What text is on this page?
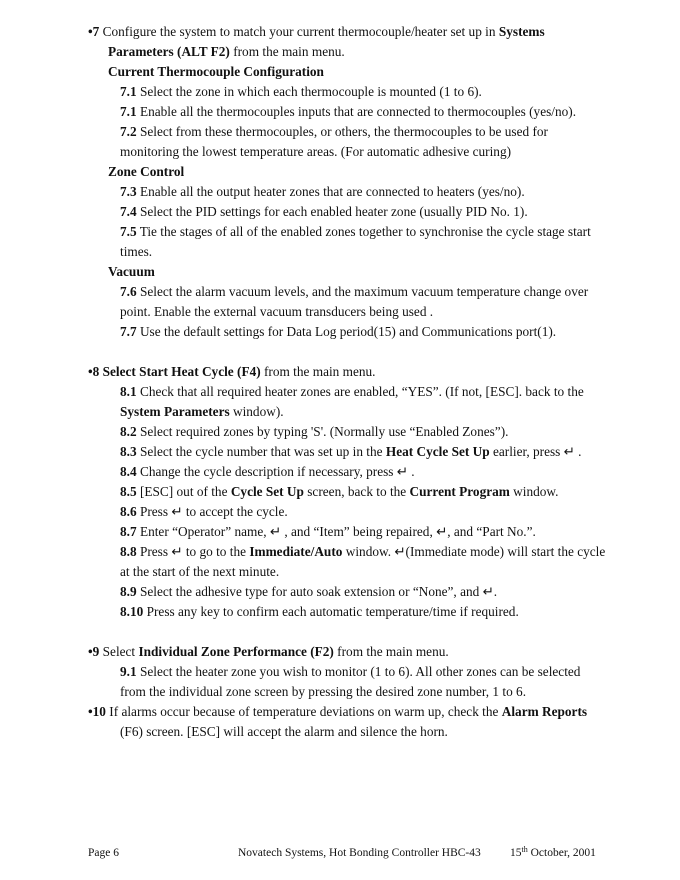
•7 Configure the system to match your current thermocouple/heater set up in Systems
Parameters (ALT F2) from the main menu.
Current Thermocouple Configuration
7.1 Select the zone in which each thermocouple is mounted (1 to 6).
7.1 Enable all the thermocouples inputs that are connected to thermocouples (yes/no).
7.2 Select from these thermocouples, or others, the thermocouples to be used for
monitoring the lowest temperature areas. (For automatic adhesive curing)
Zone Control
7.3 Enable all the output heater zones that are connected to heaters (yes/no).
7.4 Select the PID settings for each enabled heater zone (usually PID No. 1).
7.5 Tie the stages of all of the enabled zones together to synchronise the cycle stage start
times.
Vacuum
7.6 Select the alarm vacuum levels, and the maximum vacuum temperature change over
point. Enable the external vacuum transducers being used .
7.7 Use the default settings for Data Log period(15) and Communications port(1).
•8 Select Start Heat Cycle (F4) from the main menu.
8.1 Check that all required heater zones are enabled, “YES”. (If not, [ESC]. back to the
System Parameters window).
8.2 Select required zones by typing 'S'. (Normally use “Enabled Zones”).
8.3 Select the cycle number that was set up in the Heat Cycle Set Up earlier, press ↵ .
8.4 Change the cycle description if necessary, press ↵ .
8.5 [ESC] out of the Cycle Set Up screen, back to the Current Program window.
8.6 Press ↵ to accept the cycle.
8.7 Enter “Operator” name, ↵ , and “Item” being repaired, ↵, and “Part No.”.
8.8 Press ↵ to go to the Immediate/Auto window. ↵(Immediate mode) will start the cycle
at the start of the next minute.
8.9 Select the adhesive type for auto soak extension or “None”, and ↵.
8.10 Press any key to confirm each automatic temperature/time if required.
•9 Select Individual Zone Performance (F2) from the main menu.
9.1 Select the heater zone you wish to monitor (1 to 6). All other zones can be selected
from the individual zone screen by pressing the desired zone number, 1 to 6.
•10 If alarms occur because of temperature deviations on warm up, check the Alarm Reports
(F6) screen. [ESC] will accept the alarm and silence the horn.
Page 6	Novatech Systems, Hot Bonding Controller HBC-43	15th October, 2001
